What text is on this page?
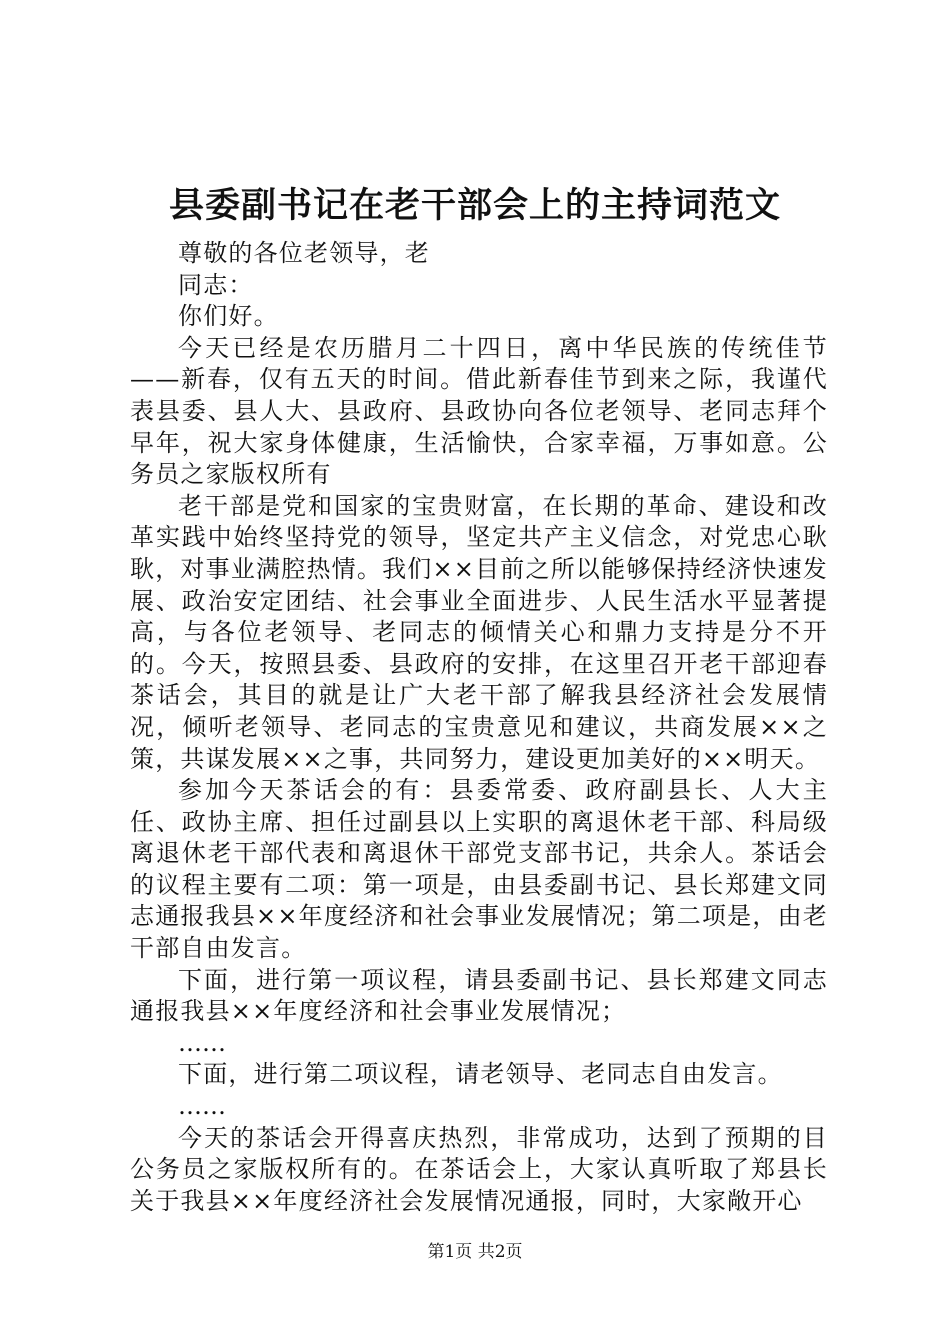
县委副书记在老干部会上的主持词范文

尊敬的各位老领导，老

同志：

你们好。

今天已经是农历腊月二十四日，离中华民族的传统佳节——新春，仅有五天的时间。借此新春佳节到来之际，我谨代表县委、县人大、县政府、县政协向各位老领导、老同志拜个早年，祝大家身体健康，生活愉快，合家幸福，万事如意。公务员之家版权所有

老干部是党和国家的宝贵财富，在长期的革命、建设和改革实践中始终坚持党的领导，坚定共产主义信念，对党忠心耿耿，对事业满腔热情。我们××目前之所以能够保持经济快速发展、政治安定团结、社会事业全面进步、人民生活水平显著提高，与各位老领导、老同志的倾情关心和鼎力支持是分不开的。今天，按照县委、县政府的安排，在这里召开老干部迎春茶话会，其目的就是让广大老干部了解我县经济社会发展情况，倾听老领导、老同志的宝贵意见和建议，共商发展××之策，共谋发展××之事，共同努力，建设更加美好的××明天。

参加今天茶话会的有：县委常委、政府副县长、人大主任、政协主席、担任过副县以上实职的离退休老干部、科局级离退休老干部代表和离退休干部党支部书记，共余人。茶话会的议程主要有二项：第一项是，由县委副书记、县长郑建文同志通报我县××年度经济和社会事业发展情况；第二项是，由老干部自由发言。

下面，进行第一项议程，请县委副书记、县长郑建文同志通报我县××年度经济和社会事业发展情况；

……

下面，进行第二项议程，请老领导、老同志自由发言。

……

今天的茶话会开得喜庆热烈，非常成功，达到了预期的目公务员之家版权所有的。在茶话会上，大家认真听取了郑县长关于我县××年度经济社会发展情况通报，同时，大家敞开心

第1页 共2页
